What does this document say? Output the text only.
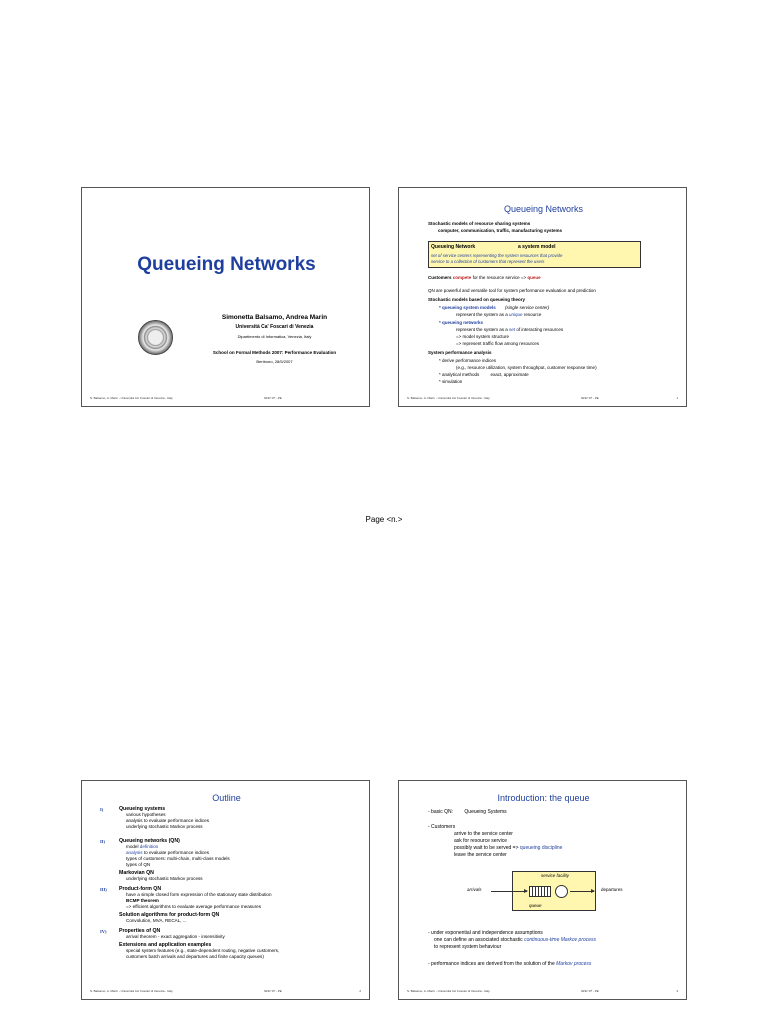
Queueing Networks
Simonetta Balsamo, Andrea Marin
Università Ca' Foscari di Venezia
Dipartimento di Informatica, Venezia, Italy
School on Formal Methods 2007: Performance Evaluation
Bertinoro, 28/5/2007
S. Balsamo, A. Marin - Università Ca' Foscari di Venezia - Italy	SFM '07 - PE
Queueing Networks
Stochastic models of resource sharing systems
computer, communication, traffic, manufacturing systems
Queueing Network	a system model
set of service centers representing the system resources that provide
service to a collection of customers that represent the users
Customers compete for the resource service => queue
QN are powerful and versatile tool for system performance evaluation and prediction
Stochastic models based on queueing theory
* queueing system models (single service center)
represent the system as a unique resource
* queueing networks
represent the system as a set of interacting resources
=> model system structure
=> represent traffic flow among resources
System performance analysis
* derive performance indices
(e.g., resource utilization, system throughput, customer response time)
* analytical methods	exact, approximate
* simulation
S. Balsamo, A. Marin - Università Ca' Foscari di Venezia - Italy	SFM '07 - PE	1
Page <n.>
Outline
I)	Queueing systems
various hypotheses
analysis to evaluate performance indices
underlying stochastic Markov process
II)	Queueing networks (QN)
model definition
analysis to evaluate performance indices
types of customers: multi-chain, multi-class models
types of QN
Markovian QN
underlying stochastic Markov process
III) Product-form QN
have a simple closed form expression of the stationary state distribution
BCMP theorem
=> efficient algorithms to evaluate average performance measures
Solution algorithms for product-form QN
Convolution, MVA, RECAL, ...
IV) Properties of QN
arrival theorem - exact aggregation - insensitivity
Extensions and application examples
special system features (e.g., state-dependent routing, negative customers,
customers batch arrivals and departures and finite capacity queues)
S. Balsamo, A. Marin - Università Ca' Foscari di Venezia - Italy	SFM '07 - PE	2
Introduction: the queue
- basic QN: Queueing Systems
- Customers
arrive to the service center
ask for resource service
possibly wait to be served => queueing discipline
leave the service center
arrivals
service facility
departures
queue
- under exponential and independence assumptions
one can define an associated stochastic continuous-time Markov process
to represent system behaviour
- performance indices are derived from the solution of the Markov process
S. Balsamo, A. Marin - Università Ca' Foscari di Venezia - Italy	SFM '07 - PE	3
